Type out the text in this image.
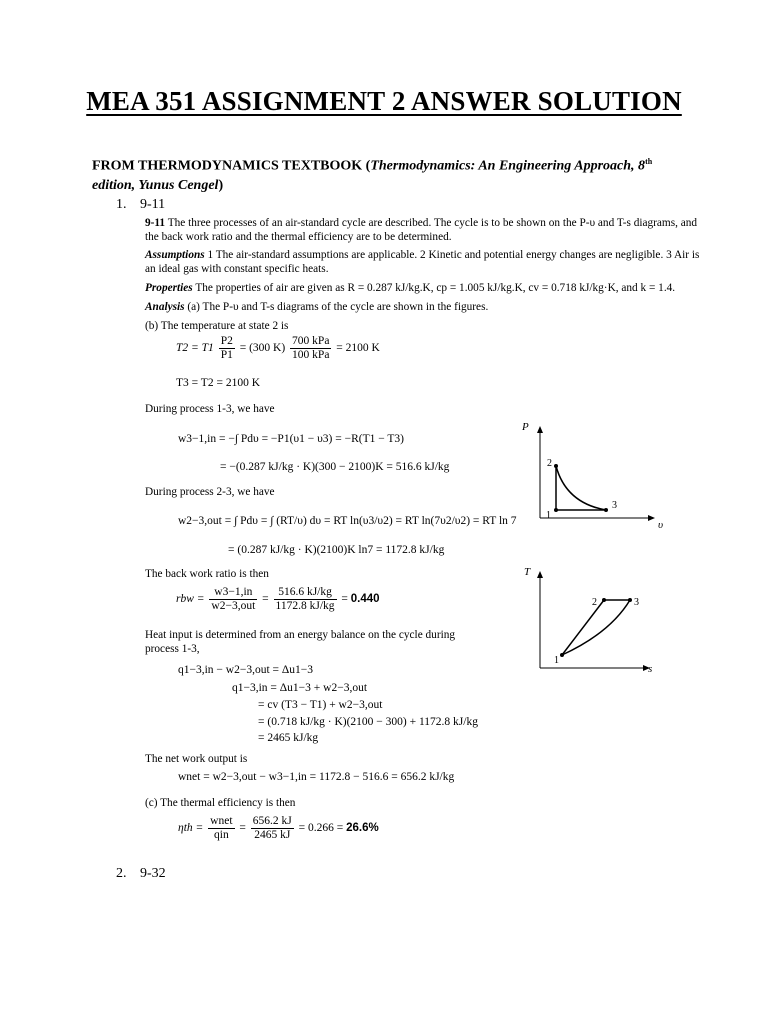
MEA 351 ASSIGNMENT 2 ANSWER SOLUTION
FROM THERMODYNAMICS TEXTBOOK (Thermodynamics: An Engineering Approach, 8th
edition, Yunus Cengel)
1. 9-11
9-11 The three processes of an air-standard cycle are described. The cycle is to be shown on the P-υ and T-s diagrams, and
the back work ratio and the thermal efficiency are to be determined.
Assumptions 1 The air-standard assumptions are applicable. 2 Kinetic and potential energy changes are negligible. 3 Air is
an ideal gas with constant specific heats.
Properties The properties of air are given as R = 0.287 kJ/kg.K, cp = 1.005 kJ/kg.K, cv = 0.718 kJ/kg·K, and k = 1.4.
Analysis (a) The P-υ and T-s diagrams of the cycle are shown in the figures.
(b) The temperature at state 2 is
$T2 = T1 \frac{P2}{P1} = (300$ $K) \frac{\text{700 kPa}}{\text{100 kPa}} = 2100$ K
T3 = T2 = 2100 K
During process 1-3, we have
w3−1,in = −∫ Pdυ = −P1(υ1 − υ3) = −R(T1 − T3)
= −(0.287 kJ/kg · K)(300 − 2100)K = 516.6 kJ/kg
During process 2-3, we have
w2−3,out = ∫ Pdυ = ∫ (RT/υ) dυ = RT ln(υ3/υ2) = RT ln(7υ2/υ2) = RT ln 7
= (0.287 kJ/kg · K)(2100)K ln7 = 1172.8 kJ/kg
The back work ratio is then
rbw = $\frac{w3-1,in}{\text{w2−3,out}} = \frac{516.6 kJ/kg}{1172.8 kJ/kg} = 0.440$
Heat input is determined from an energy balance on the cycle during
process 1-3,
q1−3,in − w2−3,out = Δu1−3
q1−3,in = Δu1−3 + w2−3,out
= cv (T3 − T1) + w2−3,out
= (0.718 kJ/kg · K)(2100 − 300) + 1172.8 kJ/kg
= 2465 kJ/kg
The net work output is
wnet = w2−3,out − w3−1,in = 1172.8 − 516.6 = 656.2 kJ/kg
(c) The thermal efficiency is then
$\eta th = \frac{\text{wnet}}{\text{qin}} = \frac{656.2 kJ}{2465 kJ} = 0.266 = 26.6\%$
P
υ
1
2
3
T
s
1
2	3
2. 9-32
